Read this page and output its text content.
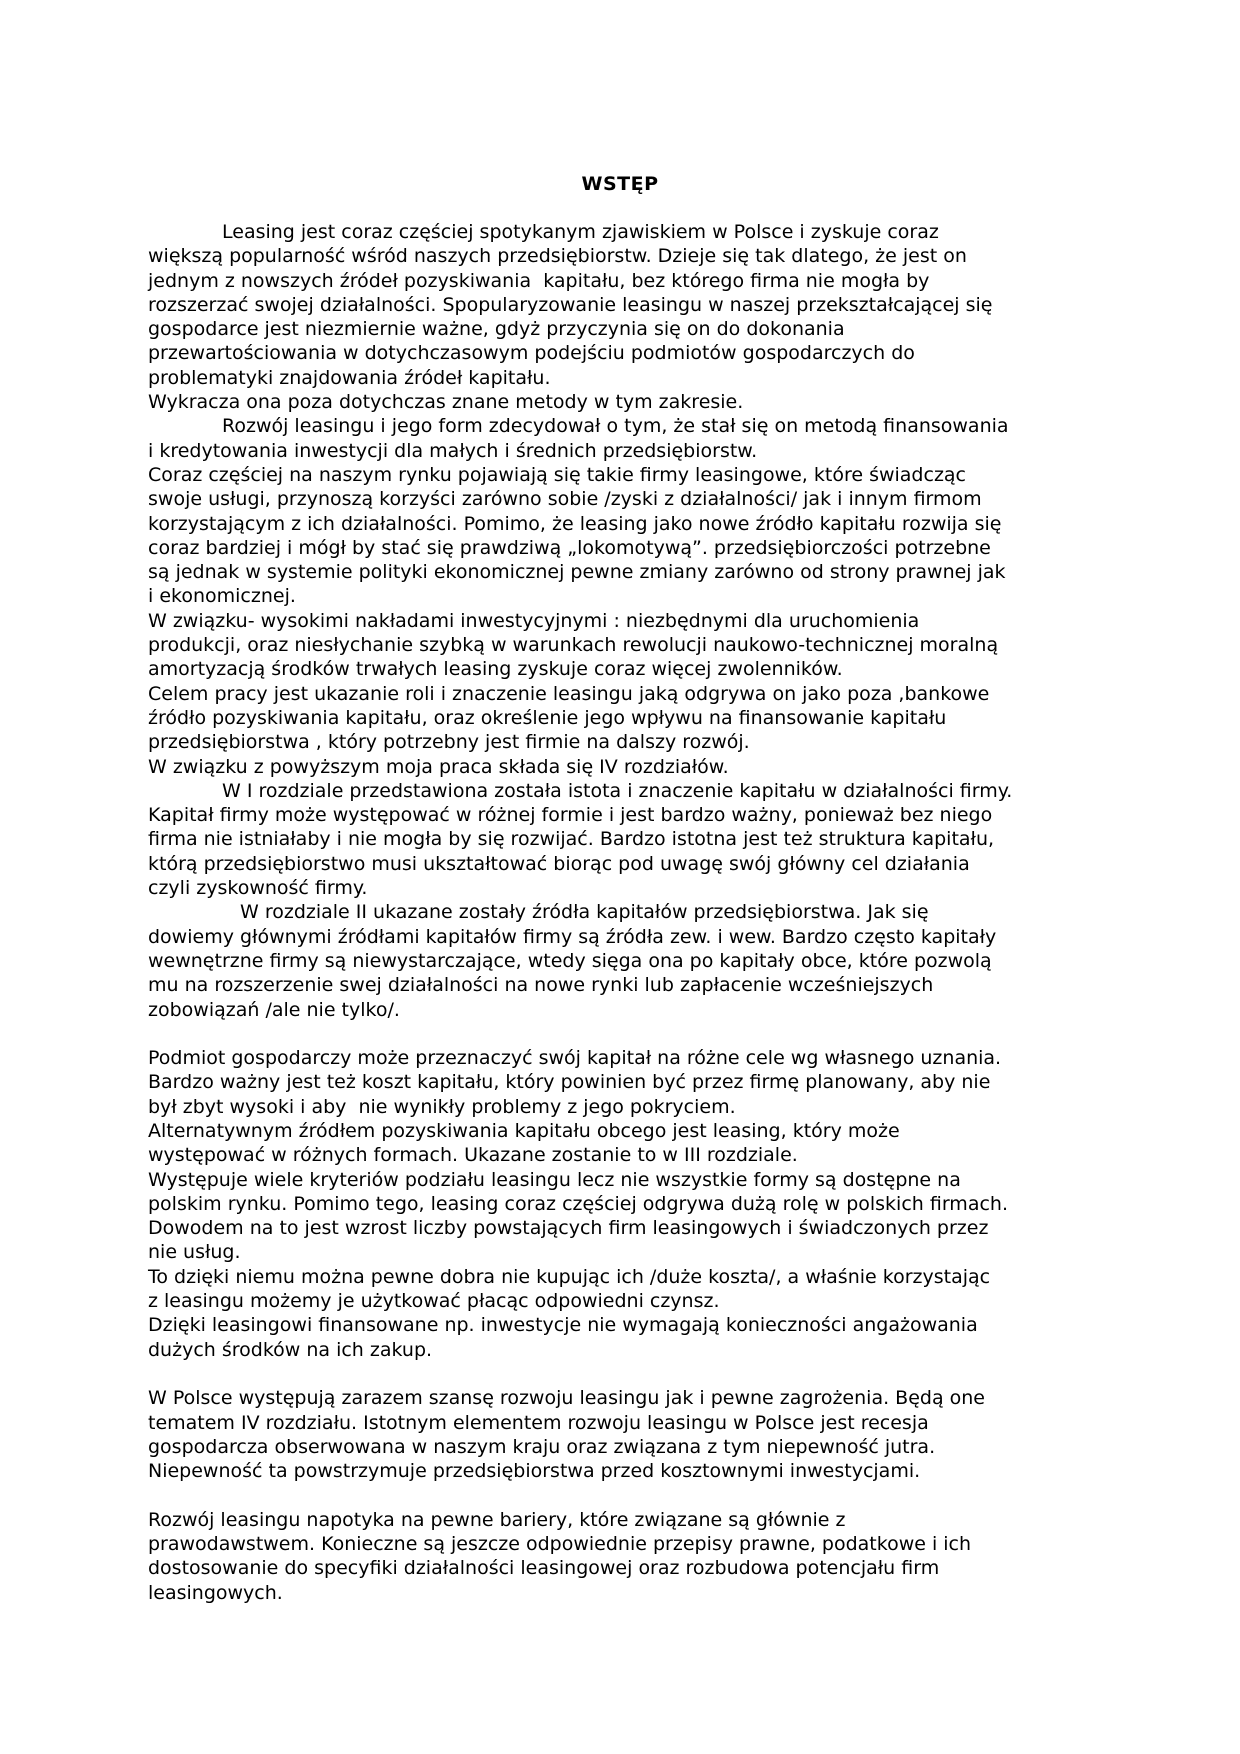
WSTĘP
Leasing jest coraz częściej spotykanym zjawiskiem w Polsce i zyskuje coraz
większą popularność wśród naszych przedsiębiorstw. Dzieje się tak dlatego, że jest on
jednym z nowszych źródeł pozyskiwania  kapitału, bez którego firma nie mogła by
rozszerzać swojej działalności. Spopularyzowanie leasingu w naszej przekształcającej się
gospodarce jest niezmiernie ważne, gdyż przyczynia się on do dokonania
przewartościowania w dotychczasowym podejściu podmiotów gospodarczych do
problematyki znajdowania źródeł kapitału.
Wykracza ona poza dotychczas znane metody w tym zakresie.
Rozwój leasingu i jego form zdecydował o tym, że stał się on metodą finansowania
i kredytowania inwestycji dla małych i średnich przedsiębiorstw.
Coraz częściej na naszym rynku pojawiają się takie firmy leasingowe, które świadcząc
swoje usługi, przynoszą korzyści zarówno sobie /zyski z działalności/ jak i innym firmom
korzystającym z ich działalności. Pomimo, że leasing jako nowe źródło kapitału rozwija się
coraz bardziej i mógł by stać się prawdziwą „lokomotywą”. przedsiębiorczości potrzebne
są jednak w systemie polityki ekonomicznej pewne zmiany zarówno od strony prawnej jak
i ekonomicznej.
W związku- wysokimi nakładami inwestycyjnymi : niezbędnymi dla uruchomienia
produkcji, oraz niesłychanie szybką w warunkach rewolucji naukowo-technicznej moralną
amortyzacją środków trwałych leasing zyskuje coraz więcej zwolenników.
Celem pracy jest ukazanie roli i znaczenie leasingu jaką odgrywa on jako poza ,bankowe
źródło pozyskiwania kapitału, oraz określenie jego wpływu na finansowanie kapitału
przedsiębiorstwa , który potrzebny jest firmie na dalszy rozwój.
W związku z powyższym moja praca składa się IV rozdziałów.
W I rozdziale przedstawiona została istota i znaczenie kapitału w działalności firmy.
Kapitał firmy może występować w różnej formie i jest bardzo ważny, ponieważ bez niego
firma nie istniałaby i nie mogła by się rozwijać. Bardzo istotna jest też struktura kapitału,
którą przedsiębiorstwo musi ukształtować biorąc pod uwagę swój główny cel działania
czyli zyskowność firmy.
W rozdziale II ukazane zostały źródła kapitałów przedsiębiorstwa. Jak się
dowiemy głównymi źródłami kapitałów firmy są źródła zew. i wew. Bardzo często kapitały
wewnętrzne firmy są niewystarczające, wtedy sięga ona po kapitały obce, które pozwolą
mu na rozszerzenie swej działalności na nowe rynki lub zapłacenie wcześniejszych
zobowiązań /ale nie tylko/.
Podmiot gospodarczy może przeznaczyć swój kapitał na różne cele wg własnego uznania.
Bardzo ważny jest też koszt kapitału, który powinien być przez firmę planowany, aby nie
był zbyt wysoki i aby  nie wynikły problemy z jego pokryciem.
Alternatywnym źródłem pozyskiwania kapitału obcego jest leasing, który może
występować w różnych formach. Ukazane zostanie to w III rozdziale.
Występuje wiele kryteriów podziału leasingu lecz nie wszystkie formy są dostępne na
polskim rynku. Pomimo tego, leasing coraz częściej odgrywa dużą rolę w polskich firmach.
Dowodem na to jest wzrost liczby powstających firm leasingowych i świadczonych przez
nie usług.
To dzięki niemu można pewne dobra nie kupując ich /duże koszta/, a właśnie korzystając
z leasingu możemy je użytkować płacąc odpowiedni czynsz.
Dzięki leasingowi finansowane np. inwestycje nie wymagają konieczności angażowania
dużych środków na ich zakup.
W Polsce występują zarazem szansę rozwoju leasingu jak i pewne zagrożenia. Będą one
tematem IV rozdziału. Istotnym elementem rozwoju leasingu w Polsce jest recesja
gospodarcza obserwowana w naszym kraju oraz związana z tym niepewność jutra.
Niepewność ta powstrzymuje przedsiębiorstwa przed kosztownymi inwestycjami.
Rozwój leasingu napotyka na pewne bariery, które związane są głównie z
prawodawstwem. Konieczne są jeszcze odpowiednie przepisy prawne, podatkowe i ich
dostosowanie do specyfiki działalności leasingowej oraz rozbudowa potencjału firm
leasingowych.
